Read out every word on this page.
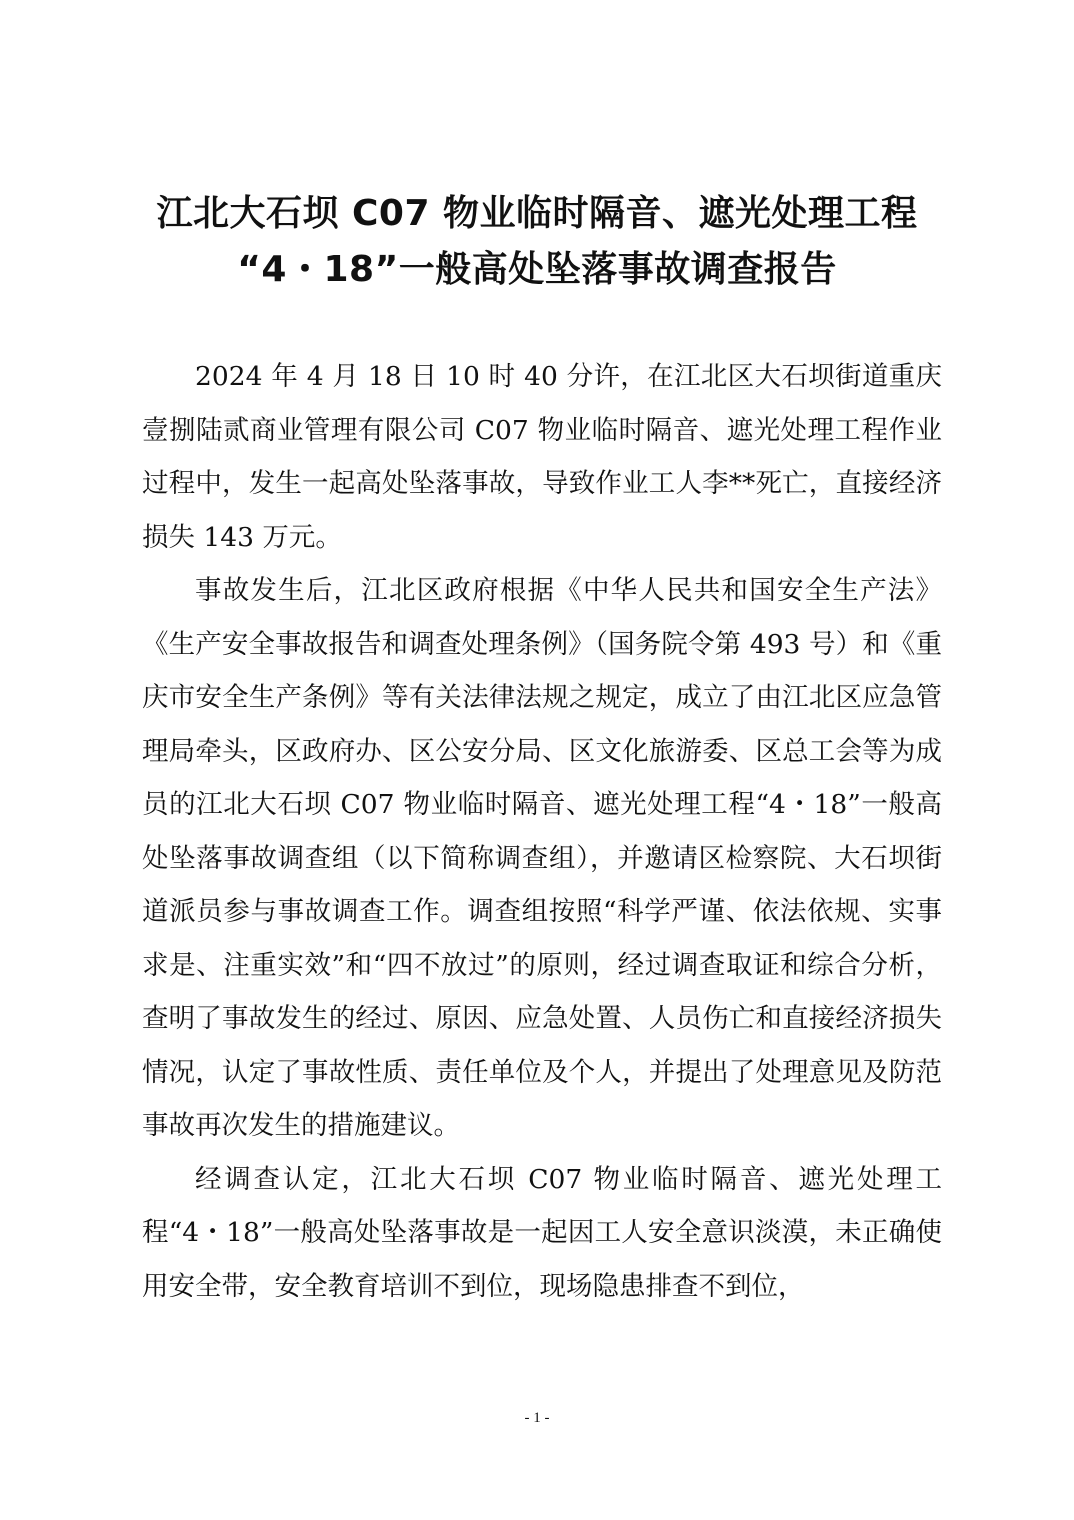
江北大石坝 C07 物业临时隔音、遮光处理工程
“4・18”一般高处坠落事故调查报告

2024 年 4 月 18 日 10 时 40 分许，在江北区大石坝街道重庆壹捌陆贰商业管理有限公司 C07 物业临时隔音、遮光处理工程作业过程中，发生一起高处坠落事故，导致作业工人李**死亡，直接经济损失 143 万元。

事故发生后，江北区政府根据《中华人民共和国安全生产法》《生产安全事故报告和调查处理条例》（国务院令第 493 号）和《重庆市安全生产条例》等有关法律法规之规定，成立了由江北区应急管理局牵头，区政府办、区公安分局、区文化旅游委、区总工会等为成员的江北大石坝 C07 物业临时隔音、遮光处理工程“4・18”一般高处坠落事故调查组（以下简称调查组），并邀请区检察院、大石坝街道派员参与事故调查工作。调查组按照“科学严谨、依法依规、实事求是、注重实效”和“四不放过”的原则，经过调查取证和综合分析，查明了事故发生的经过、原因、应急处置、人员伤亡和直接经济损失情况，认定了事故性质、责任单位及个人，并提出了处理意见及防范事故再次发生的措施建议。

经调查认定，江北大石坝 C07 物业临时隔音、遮光处理工程“4・18”一般高处坠落事故是一起因工人安全意识淡漠，未正确使用安全带，安全教育培训不到位，现场隐患排查不到位，

- 1 -
